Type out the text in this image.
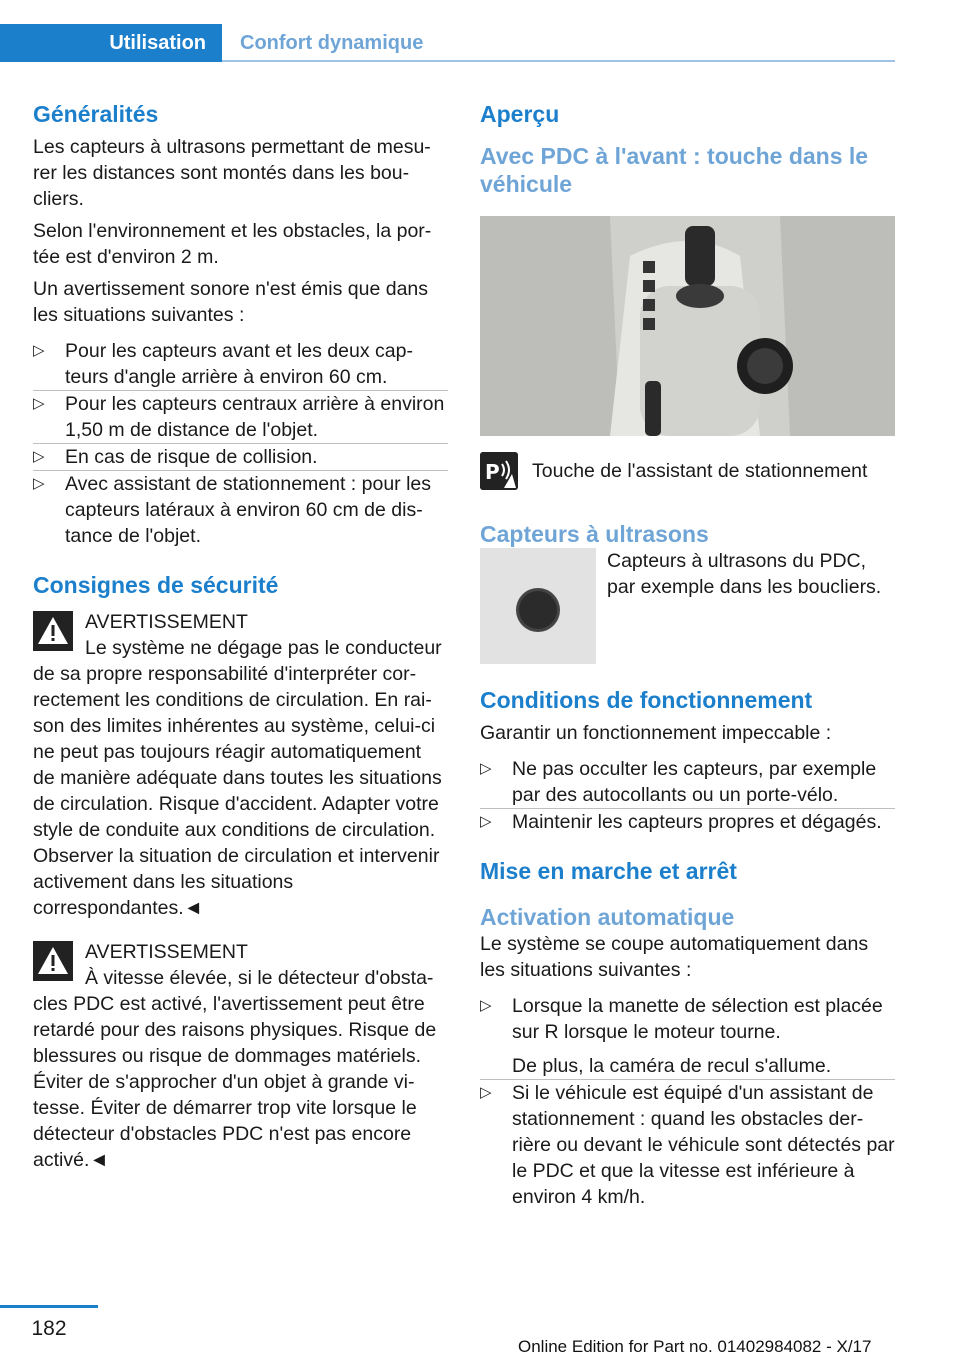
Utilisation	Confort dynamique
Généralités

Les capteurs à ultrasons permettant de mesurer les distances sont montés dans les boucliers.

Selon l'environnement et les obstacles, la portée est d'environ 2 m.

Un avertissement sonore n'est émis que dans les situations suivantes :

▷ Pour les capteurs avant et les deux capteurs d'angle arrière à environ 60 cm.
▷ Pour les capteurs centraux arrière à environ 1,50 m de distance de l'objet.
▷ En cas de risque de collision.
▷ Avec assistant de stationnement : pour les capteurs latéraux à environ 60 cm de distance de l'objet.
Consignes de sécurité
AVERTISSEMENT
Le système ne dégage pas le conducteur de sa propre responsabilité d'interpréter correctement les conditions de circulation. En raison des limites inhérentes au système, celui-ci ne peut pas toujours réagir automatiquement de manière adéquate dans toutes les situations de circulation. Risque d'accident. Adapter votre style de conduite aux conditions de circulation. Observer la situation de circulation et intervenir activement dans les situations correspondantes.◄
AVERTISSEMENT
À vitesse élevée, si le détecteur d'obstacles PDC est activé, l'avertissement peut être retardé pour des raisons physiques. Risque de blessures ou risque de dommages matériels. Éviter de s'approcher d'un objet à grande vitesse. Éviter de démarrer trop vite lorsque le détecteur d'obstacles PDC n'est pas encore activé.◄
Aperçu
Avec PDC à l'avant : touche dans le véhicule
P Touche de l'assistant de stationnement
Capteurs à ultrasons
Capteurs à ultrasons du PDC, par exemple dans les boucliers.
Conditions de fonctionnement

Garantir un fonctionnement impeccable :

▷ Ne pas occulter les capteurs, par exemple par des autocollants ou un porte-vélo.
▷ Maintenir les capteurs propres et dégagés.
Mise en marche et arrêt
Activation automatique

Le système se coupe automatiquement dans les situations suivantes :

▷ Lorsque la manette de sélection est placée sur R lorsque le moteur tourne.
De plus, la caméra de recul s'allume.
▷ Si le véhicule est équipé d'un assistant de stationnement : quand les obstacles derrière ou devant le véhicule sont détectés par le PDC et que la vitesse est inférieure à environ 4 km/h.
182
Online Edition for Part no. 01402984082 - X/17
